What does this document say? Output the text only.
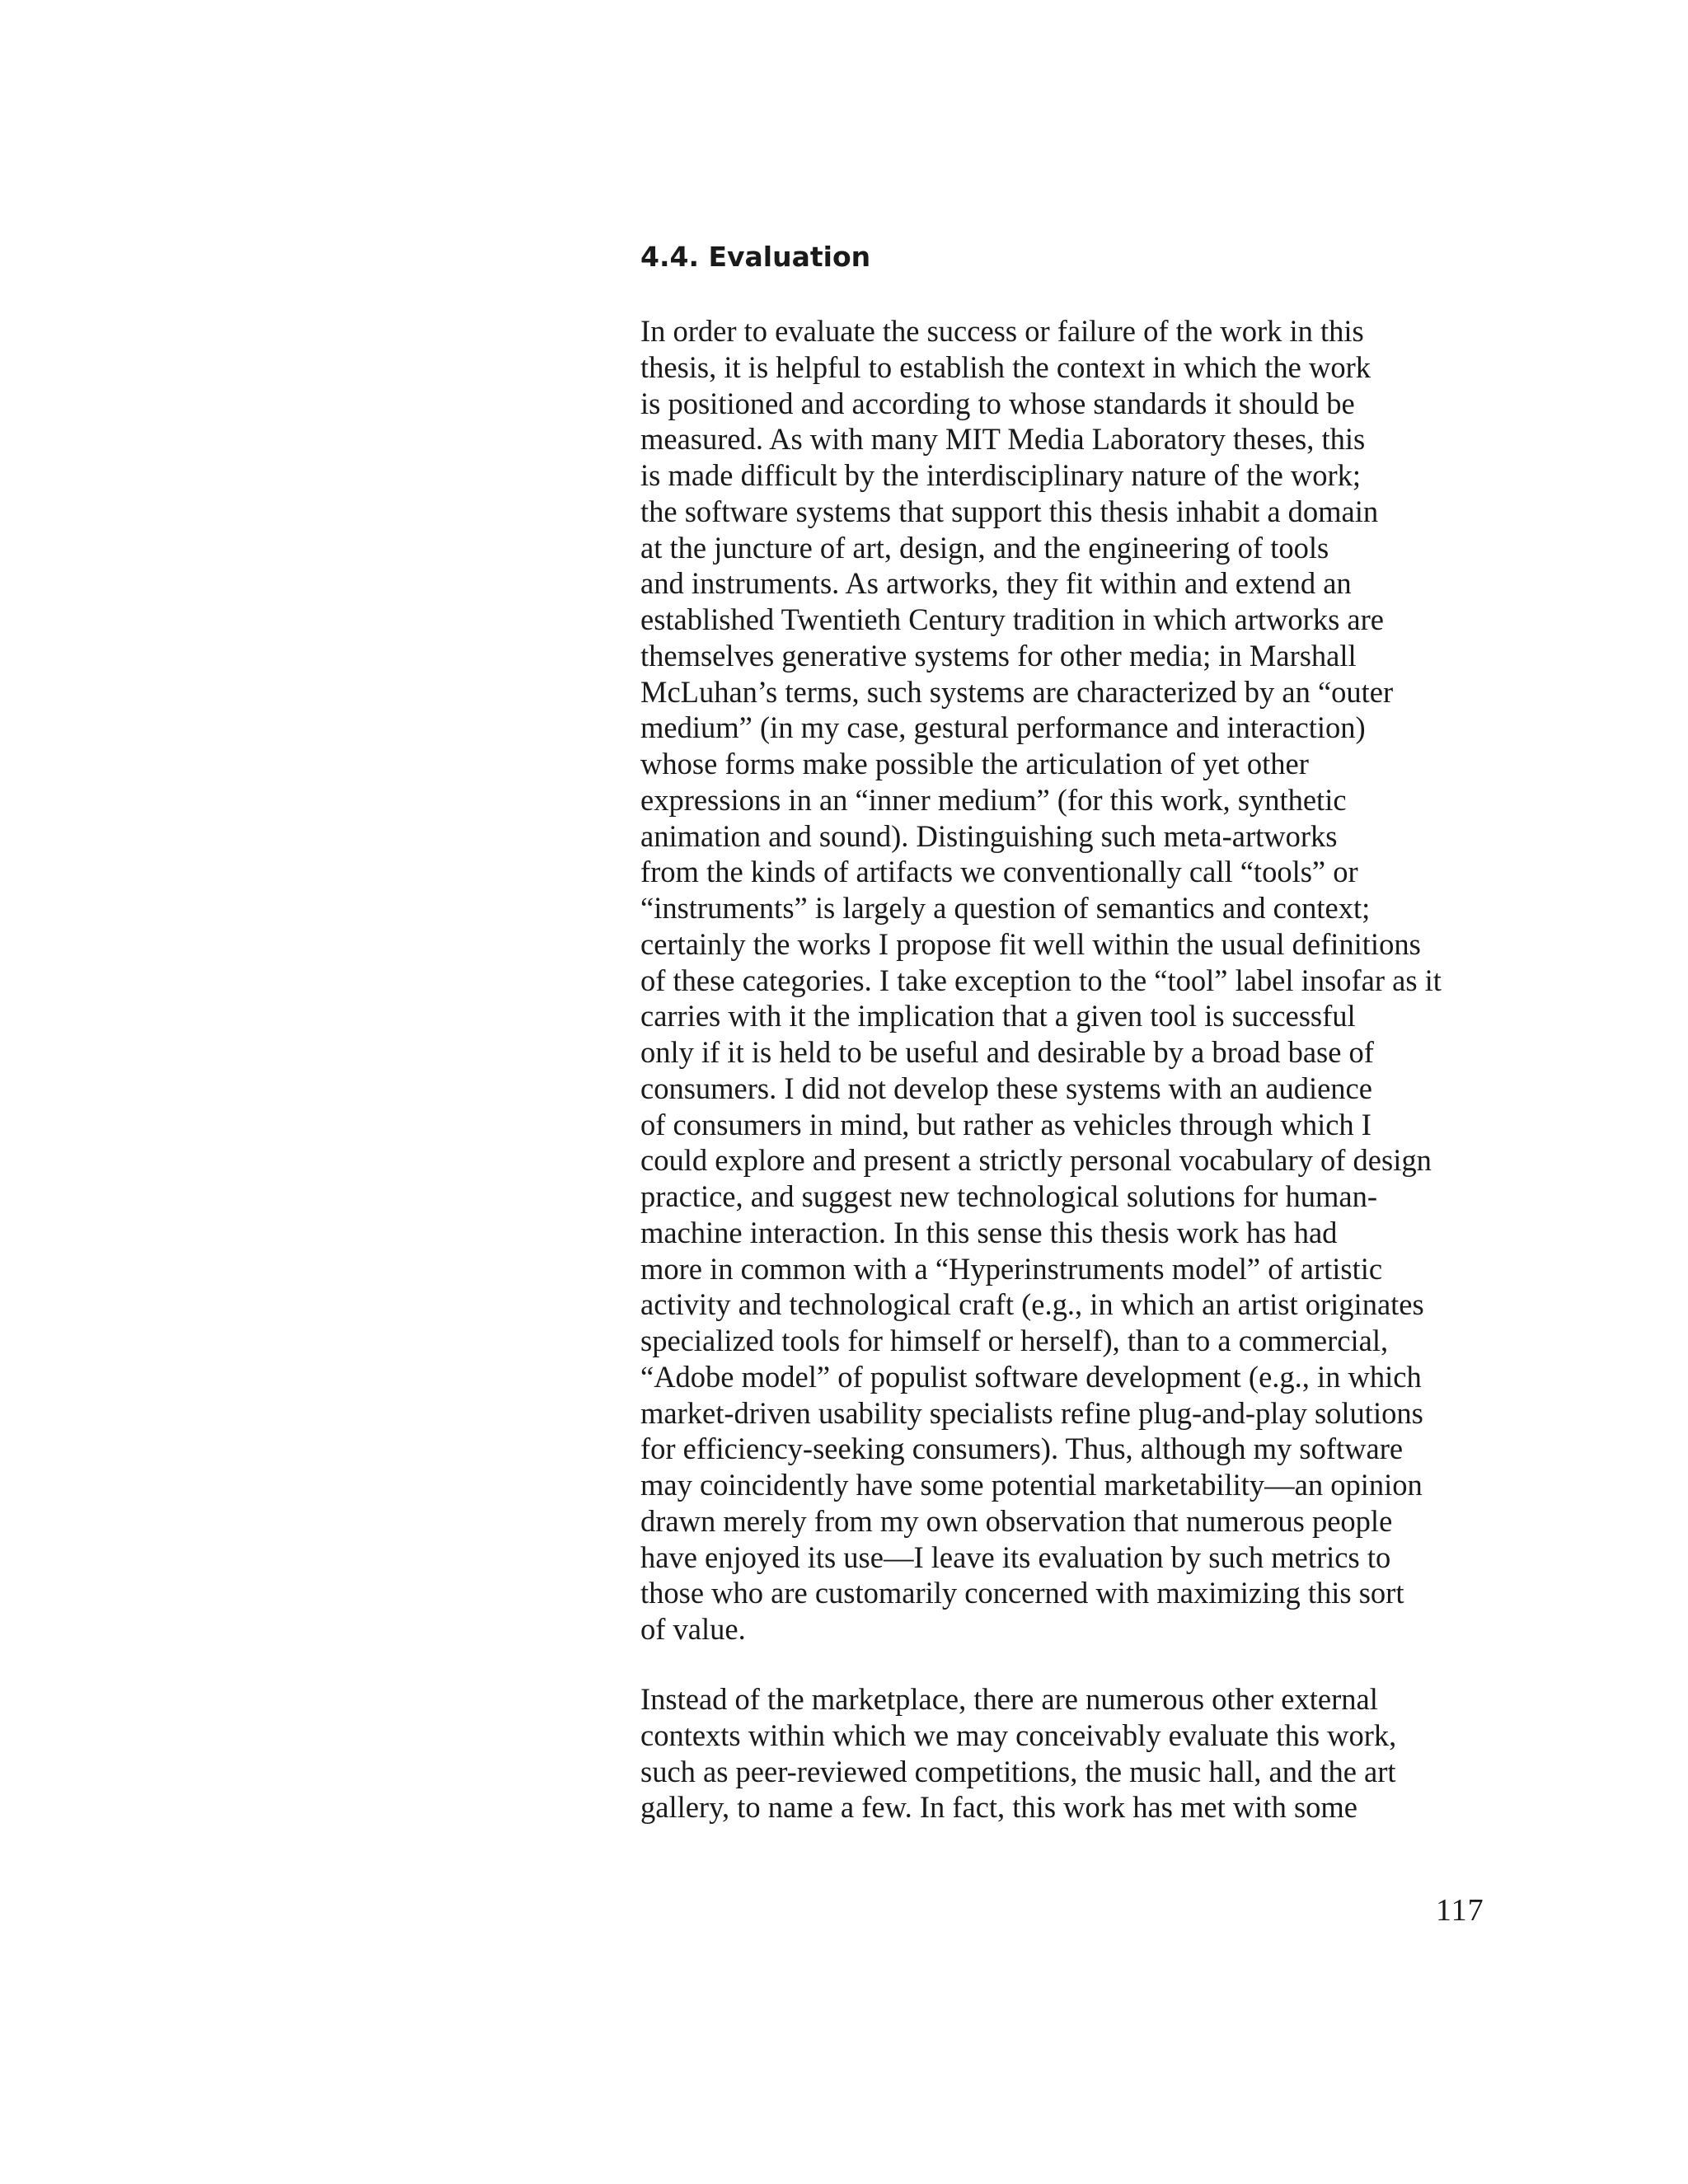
4.4. Evaluation

In order to evaluate the success or failure of the work in this
thesis, it is helpful to establish the context in which the work
is positioned and according to whose standards it should be
measured. As with many MIT Media Laboratory theses, this
is made difficult by the interdisciplinary nature of the work;
the software systems that support this thesis inhabit a domain
at the juncture of art, design, and the engineering of tools
and instruments. As artworks, they fit within and extend an
established Twentieth Century tradition in which artworks are
themselves generative systems for other media; in Marshall
McLuhan’s terms, such systems are characterized by an “outer
medium” (in my case, gestural performance and interaction)
whose forms make possible the articulation of yet other
expressions in an “inner medium” (for this work, synthetic
animation and sound). Distinguishing such meta-artworks
from the kinds of artifacts we conventionally call “tools” or
“instruments” is largely a question of semantics and context;
certainly the works I propose fit well within the usual definitions
of these categories. I take exception to the “tool” label insofar as it
carries with it the implication that a given tool is successful
only if it is held to be useful and desirable by a broad base of
consumers. I did not develop these systems with an audience
of consumers in mind, but rather as vehicles through which I
could explore and present a strictly personal vocabulary of design
practice, and suggest new technological solutions for human-
machine interaction. In this sense this thesis work has had
more in common with a “Hyperinstruments model” of artistic
activity and technological craft (e.g., in which an artist originates
specialized tools for himself or herself), than to a commercial,
“Adobe model” of populist software development (e.g., in which
market-driven usability specialists refine plug-and-play solutions
for efficiency-seeking consumers). Thus, although my software
may coincidently have some potential marketability—an opinion
drawn merely from my own observation that numerous people
have enjoyed its use—I leave its evaluation by such metrics to
those who are customarily concerned with maximizing this sort
of value.

Instead of the marketplace, there are numerous other external
contexts within which we may conceivably evaluate this work,
such as peer-reviewed competitions, the music hall, and the art
gallery, to name a few. In fact, this work has met with some

117
